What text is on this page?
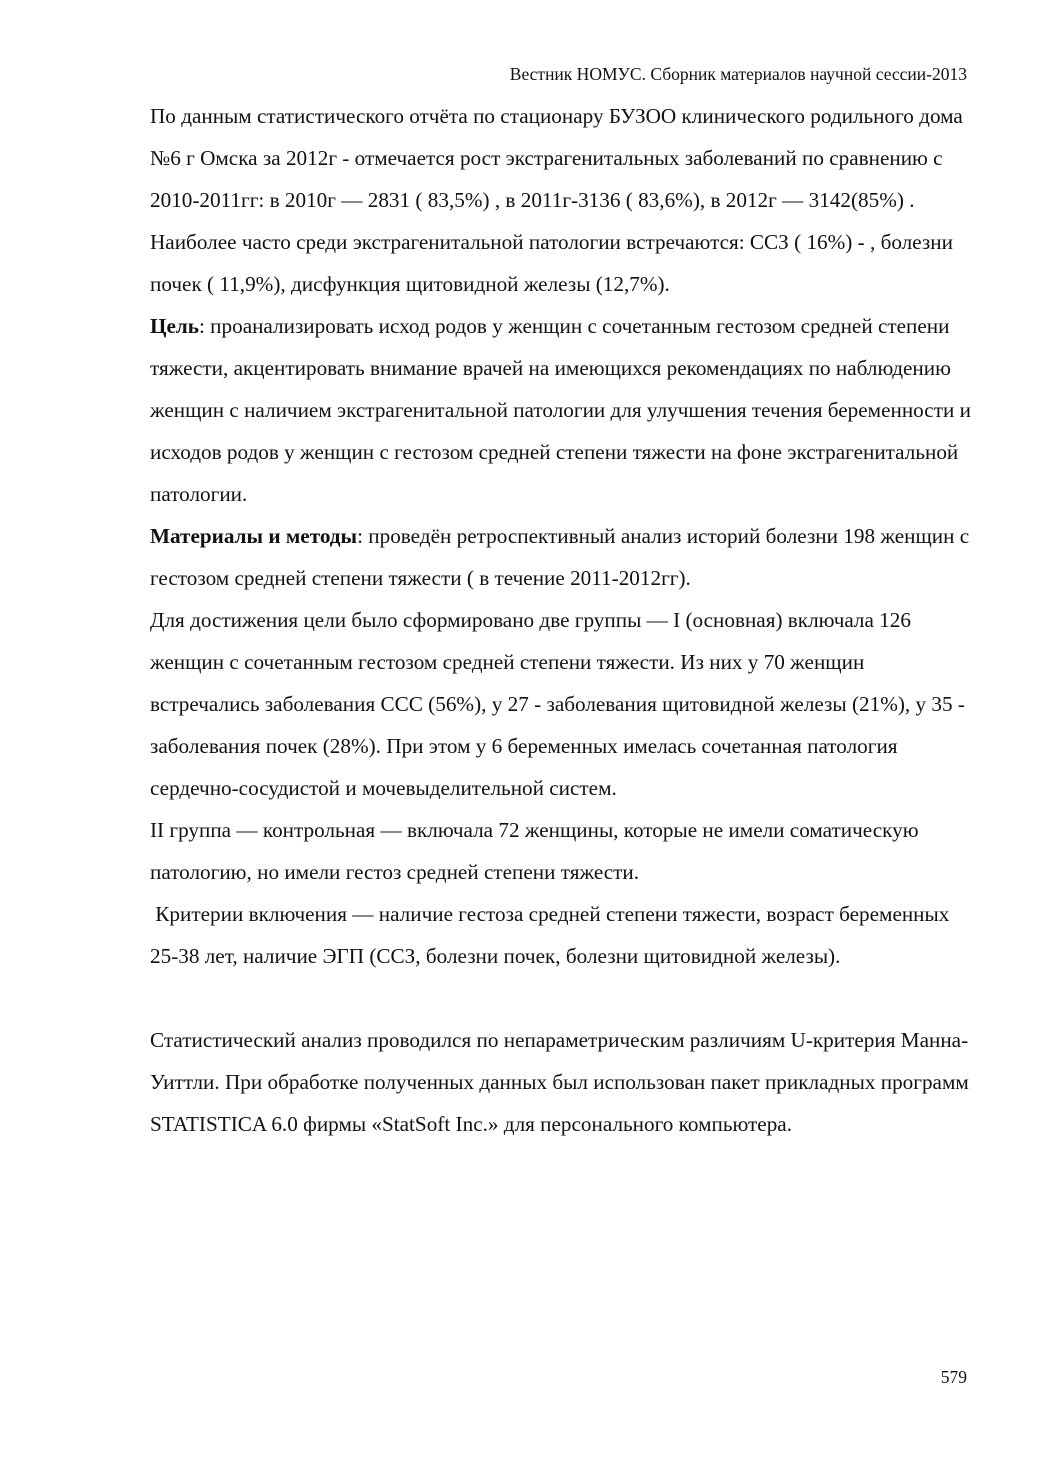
Вестник НОМУС. Сборник материалов научной сессии-2013

По данным статистического отчёта по стационару БУЗОО клинического родильного дома №6 г Омска за 2012г - отмечается рост экстрагенитальных заболеваний по сравнению с 2010-2011гг: в 2010г — 2831 ( 83,5%) , в 2011г-3136 ( 83,6%), в 2012г — 3142(85%) .

Наиболее часто среди экстрагенитальной патологии встречаются: ССЗ ( 16%) - , болезни почек ( 11,9%), дисфункция щитовидной железы (12,7%).

Цель: проанализировать исход родов у женщин с сочетанным гестозом средней степени тяжести, акцентировать внимание врачей на имеющихся рекомендациях по наблюдению женщин с наличием экстрагенитальной патологии для улучшения течения беременности и исходов родов у женщин с гестозом средней степени тяжести на фоне экстрагенитальной патологии.

Материалы и методы: проведён ретроспективный анализ историй болезни 198 женщин с гестозом средней степени тяжести ( в течение 2011-2012гг).

Для достижения цели было сформировано две группы — I (основная) включала 126 женщин с сочетанным гестозом средней степени тяжести. Из них у 70 женщин встречались заболевания ССС (56%), у 27 - заболевания щитовидной железы (21%), у 35 - заболевания почек (28%). При этом у 6 беременных имелась сочетанная патология сердечно-сосудистой и мочевыделительной систем.

II группа — контрольная — включала 72 женщины, которые не имели соматическую патологию, но имели гестоз средней степени тяжести.

Критерии включения — наличие гестоза средней степени тяжести, возраст беременных 25-38 лет, наличие ЭГП (ССЗ, болезни почек, болезни щитовидной железы).

Статистический анализ проводился по непараметрическим различиям U-критерия Манна-Уиттли. При обработке полученных данных был использован пакет прикладных программ STATISTICA 6.0 фирмы «StatSoft Inc.» для персонального компьютера.

579
